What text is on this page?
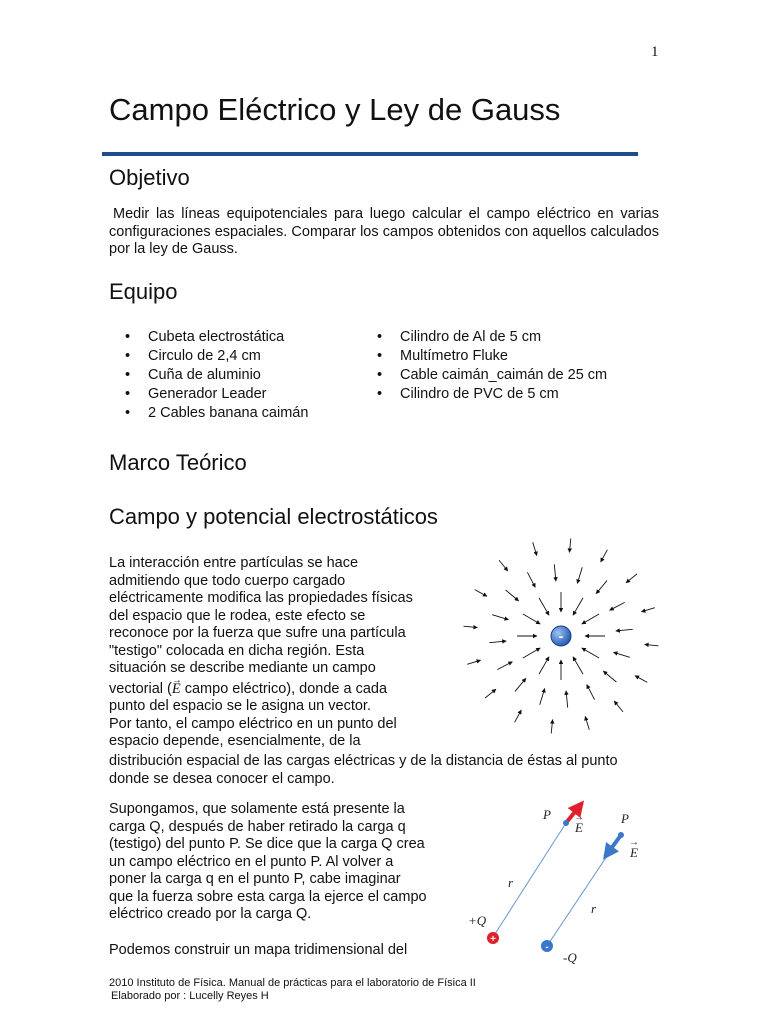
1
Campo Eléctrico y Ley de Gauss
Objetivo
Medir las líneas equipotenciales para luego calcular el campo eléctrico en varias configuraciones espaciales. Comparar los campos obtenidos con aquellos calculados por la ley de Gauss.
Equipo
• Cubeta electrostática
• Circulo de 2,4 cm
• Cuña de aluminio
• Generador Leader
• 2 Cables banana caimán
• Cilindro de Al de 5 cm
• Multímetro Fluke
• Cable caimán_caimán de 25 cm
• Cilindro de PVC de 5 cm
Marco Teórico
Campo y potencial electrostáticos
La interacción entre partículas se hace
admitiendo que todo cuerpo cargado
eléctricamente modifica las propiedades físicas
del espacio que le rodea, este efecto se
reconoce por la fuerza que sufre una partícula
"testigo" colocada en dicha región. Esta
situación se describe mediante un campo
vectorial (→ E campo eléctrico), donde a cada
punto del espacio se le asigna un vector.
Por tanto, el campo eléctrico en un punto del
espacio depende, esencialmente, de la
distribución espacial de las cargas eléctricas y de la distancia de éstas al punto
donde se desea conocer el campo.
Supongamos, que solamente está presente la
carga Q, después de haber retirado la carga q
(testigo) del punto P. Se dice que la carga Q crea
un campo eléctrico en el punto P. Al volver a
poner la carga q en el punto P, cabe imaginar
que la fuerza sobre esta carga la ejerce el campo
eléctrico creado por la carga Q.
Podemos construir un mapa tridimensional del
-
+
-
P
E
→	P
E
→
r
r
+Q
-Q
2010 Instituto de Física. Manual de prácticas para el laboratorio de Física II
Elaborado por : Lucelly Reyes H
